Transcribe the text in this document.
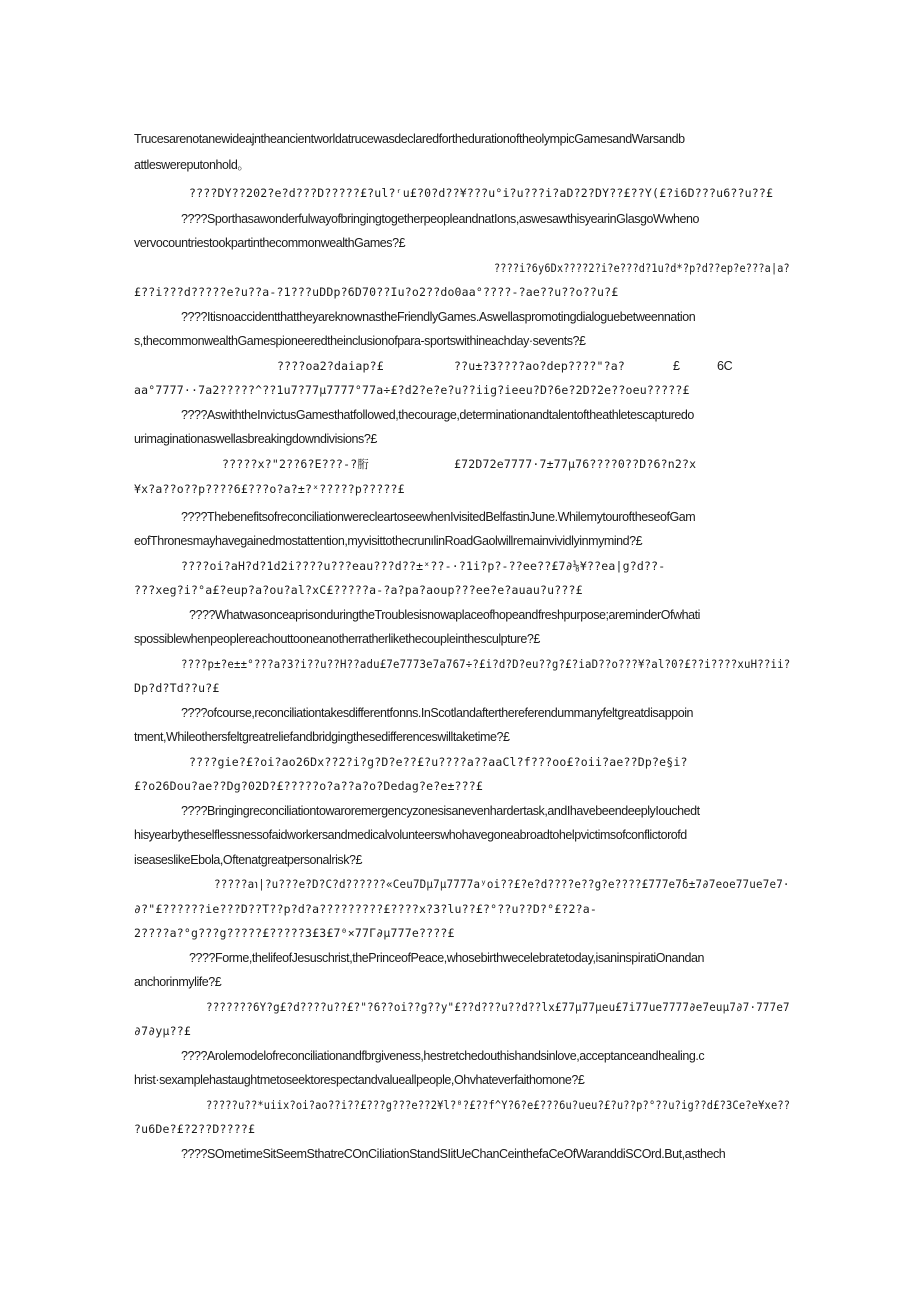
TrucesarenotanewideajntheancientworldatrucewasdeclaredforthedurationoftheolympicGamesandWarsandb
attleswereputonhold。
????DY??202?e?d???D?????£?ul?ʳu£?0?d??¥???u°i?u???i?aD?2?DY??£??Y(£?i6D???u6??u??£
????SporthasawonderfulwayofbringingtogetherpeopleandnatIons,aswesawthisyearinGlasgoWwheno
vervocountriestookpartinthecommonwealthGames?£
????i?6y6Dx????2?i?e???d?1u?d*?p?d??ep?e???a|a?
£??i???d?????e?u??a-?1???uDDp?6D70??Iu?o2??do0aa°????-?ae??u??o??u?£
????ItisnoaccidentthattheyareknownastheFriendlyGames.Aswellaspromotingdialoguebetweennation
s,thecommonwealthGamespioneeredtheinclusionofpara-sportswithineachday·sevents?£
????oa2?daiap?£	??u±?3????ao?dep????"?a?	£	6C
aa°7777··7a2?????^??1u7?77µ7777°77a÷£?d2?e?e?u??iig?ieeu?D?6e?2D?2e??oeu?????£
????AswiththeInvictusGamesthatfollowed,thecourage,determinationandtalentoftheathletescapturedo
urimaginationaswellasbreakingdowndivisions?£
?????x?"2??6?E???-?胻	£72D72e7777·7±77µ76????0??D?6?n2?x
¥x?a??o??p????6£???o?a?±?ˣ?????p?????£
????ThebenefitsofreconciliationwerecleartoseewhenIvisitedBelfastinJune.WhilemytouroftheseofGam
eofThronesmayhavegainedmostattention,myvisittothecrunılinRoadGaolwillremainvividlyinmymind?£
????oi?aH?d?1d2i????u???eau???d??±ˣ??-·?1i?p?-??ee??£7∂⅛¥??ea|g?d??-
???xeg?i?°a£?eup?a?ou?al?xC£?????a-?a?pa?aoup???ee?e?auau?u???£
????WhatwasonceaprisonduringtheTroublesisnowaplaceofhopeandfreshpurpose;areminderOfwhati
spossiblewhenpeoplereachouttooneanotherratherlikethecoupleinthesculpture?£
????p±?e±±°???a?3?i??u??H??adu£7e7773e7a767÷?£i?d?D?eu??g?£?iaD??o???¥?al?0?£??i????xuH??ii?
Dp?d?Td??u?£
????ofcourse,reconciliationtakesdifferentfonns.InScotlandafterthereferendummanyfeltgreatdisappoin
tment,Whileothersfeltgreatreliefandbridgingthesedifferenceswilltaketime?£
????gie?£?oi?ao26Dx??2?i?g?D?e??£?u????a??aaCl?f???oo£?oii?ae??Dp?e§i?
£?o26Dou?ae??Dg?02D?£?????o?a??a?o?Dedag?e?e±???£
????Bringingreconciliationtowaroremergencyzonesisanevenhardertask,andIhavebeendeeplyIouchedt
hisyearbytheselflessnessofaidworkersandmedicalvolunteerswhohavegoneabroadtohelpvictimsofconflictorofd
iseaseslikeEbola,Oftenatgreatpersonalrisk?£
?????a℩|?u???e?D?C?d??????«Ceu7Dµ7µ7777aʸoi??£?e?d????e??g?e????£777e7δ±7∂7eoe77ue7e7·
∂?"£??????ie???D??T??p?d?a?????????£????x?3?lu??£?°??u??D?°£?2?a-
2????a?°g???g?????£?????3£3£7⁰×77Γ∂µ777e????£
????Forme,thelifeofJesuschrist,thePrinceofPeace,whosebirthwecelebratetoday,isaninspiratiOnandan
anchorinmylife?£
???????6Y?g£?d????u??£?"?6??oi??g??y"£??d???u??d??lx£77µ77µeu£7i77ue7777∂e7euµ7∂7·777e7
∂7∂yµ??£
????Arolemodelofreconciliationandfbrgiveness,hestretchedouthishandsinlove,acceptanceandhealing.c
hrist·sexamplehastaughtmetoseektorespectandvalueallpeople,Ohvhateverfaithomone?£
?????u??*uiix?oi?ao??i??£???g???e??2¥l?⁰?£??f^Y?6?e£???6u?ueu?£?u??p?°??u?ig??d£?3Ce?e¥xe??
?u6De?£?2??D????£
????SOmetimeSitSeemSthatreCOnCiIiationStandSIitUeChanCeinthefaCeOfWaranddiSCOrd.But,asthech
